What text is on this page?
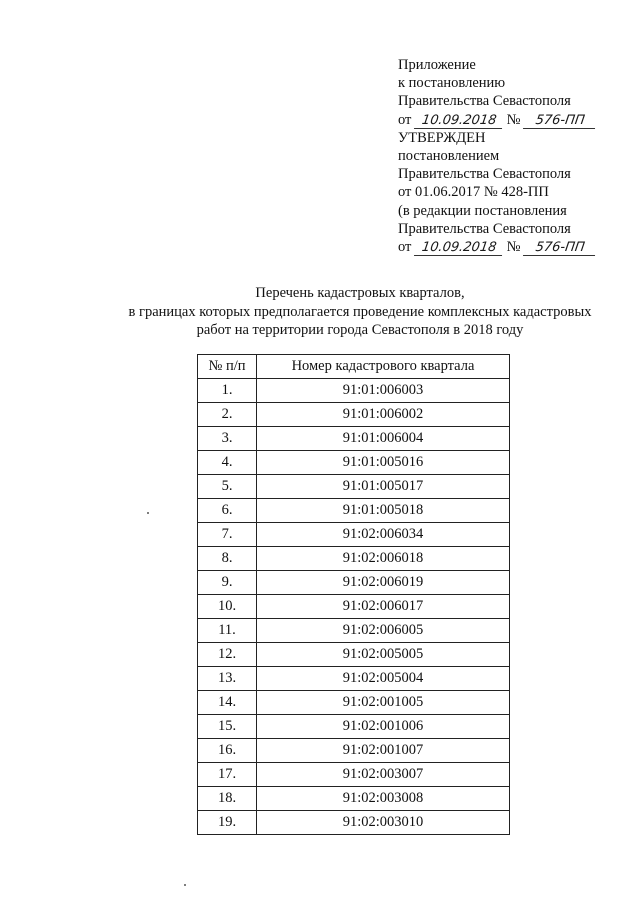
Приложение
к постановлению
Правительства Севастополя
от 10.09.2018 № 576-ПП
УТВЕРЖДЕН
постановлением
Правительства Севастополя
от 01.06.2017 № 428-ПП
(в редакции постановления
Правительства Севастополя
от 10.09.2018 № 576-ПП
Перечень кадастровых кварталов,
в границах которых предполагается проведение комплексных кадастровых
работ на территории города Севастополя в 2018 году
№ п/п	Номер кадастрового квартала
1.	91:01:006003
2.	91:01:006002
3.	91:01:006004
4.	91:01:005016
5.	91:01:005017
6.	91:01:005018
7.	91:02:006034
8.	91:02:006018
9.	91:02:006019
10.	91:02:006017
11.	91:02:006005
12.	91:02:005005
13.	91:02:005004
14.	91:02:001005
15.	91:02:001006
16.	91:02:001007
17.	91:02:003007
18.	91:02:003008
19.	91:02:003010
